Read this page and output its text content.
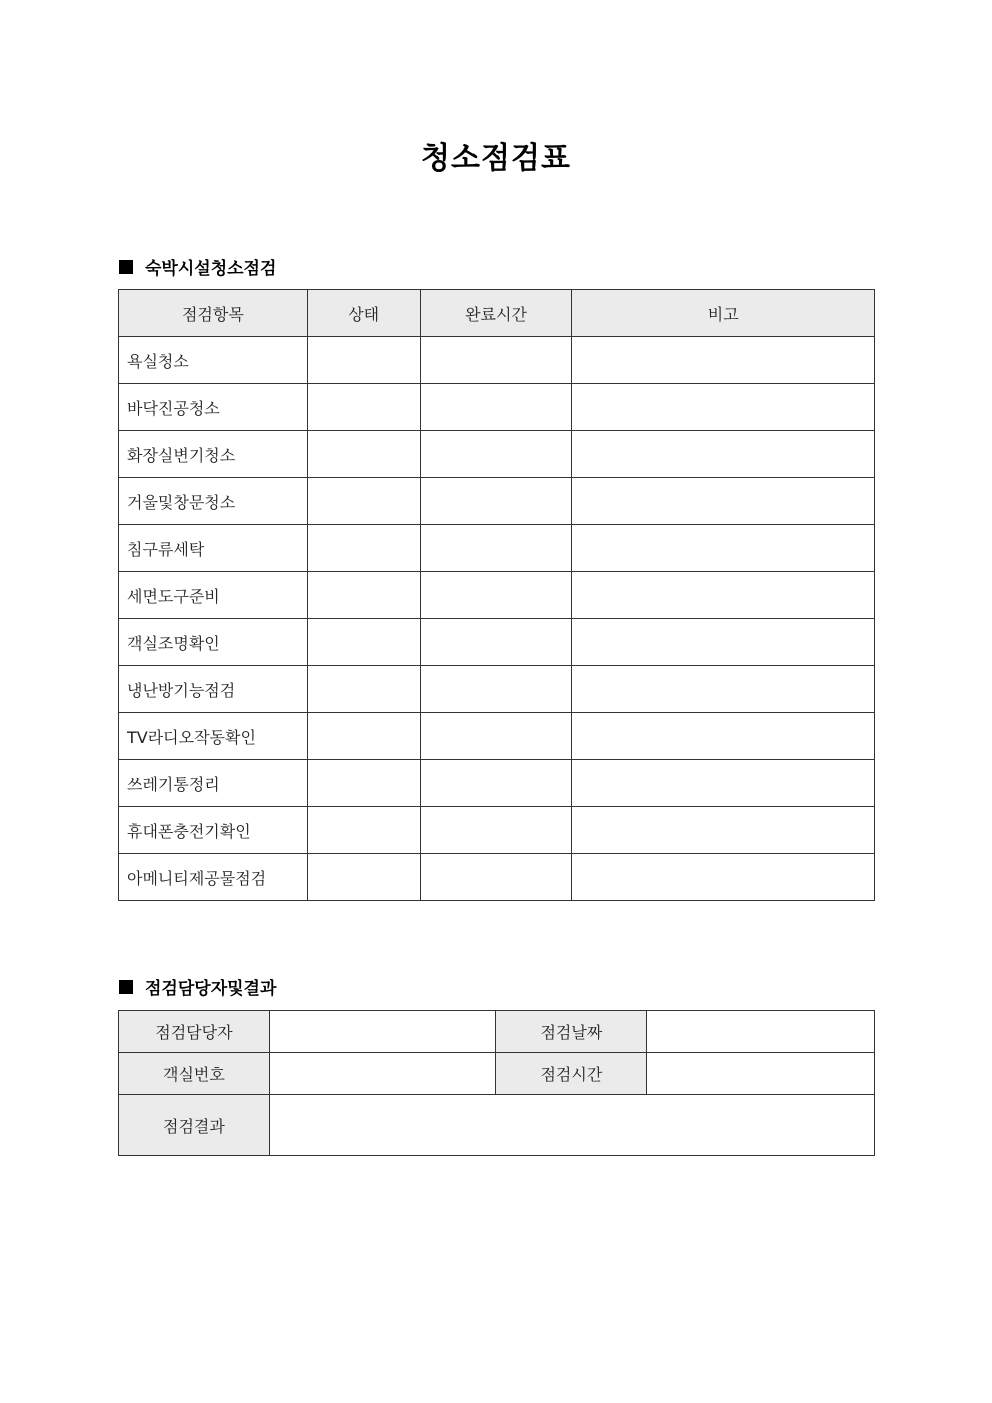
청소점검표
숙박시설청소점검
점검항목	상태	완료시간	비고
욕실청소			
바닥진공청소			
화장실변기청소			
거울및창문청소			
침구류세탁			
세면도구준비			
객실조명확인			
냉난방기능점검			
TV라디오작동확인			
쓰레기통정리			
휴대폰충전기확인			
아메니티제공물점검			
점검담당자및결과
점검담당자		점검날짜	
객실번호		점검시간	
점검결과			
